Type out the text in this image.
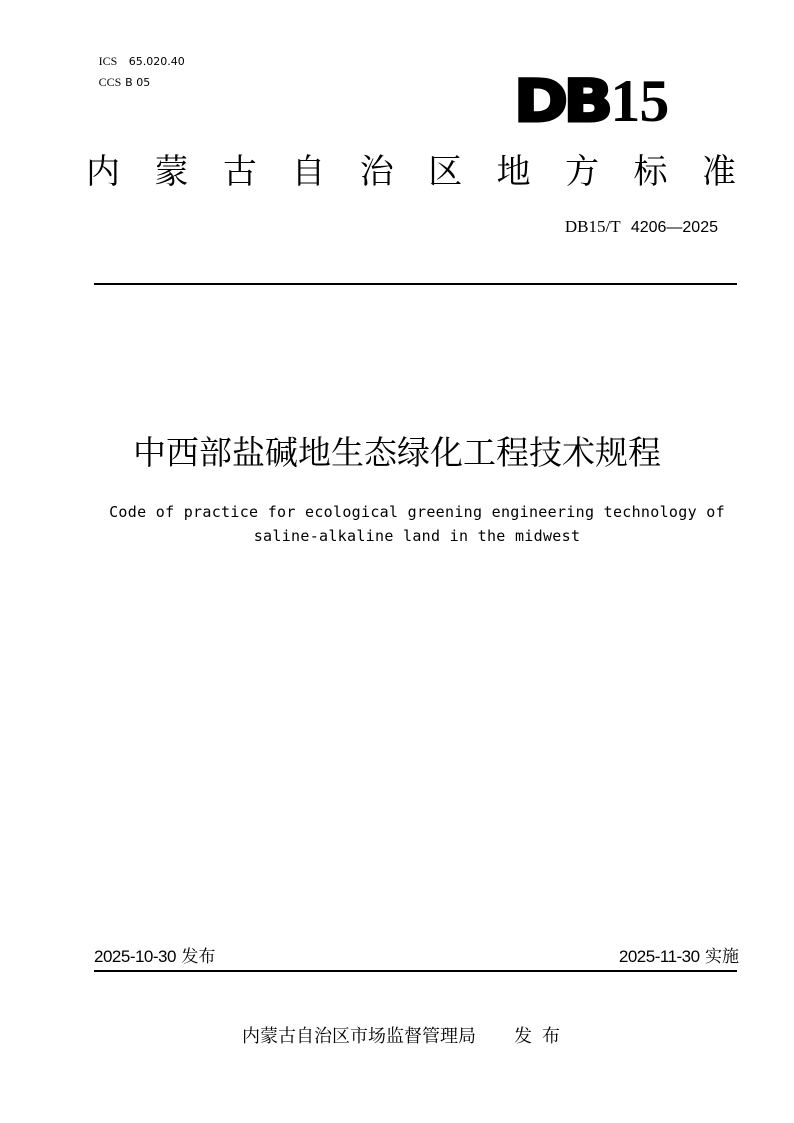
ICS 65.020.40

CCS B 05	DB 15
内 蒙 古 自 治 区 地 方 标 准
DB15/T 4206—2025
中西部盐碱地生态绿化工程技术规程
Code of practice for ecological greening engineering technology of
saline-alkaline land in the midwest
2025-10-30 发布	2025-11-30 实施
内蒙古自治区市场监督管理局 发布
